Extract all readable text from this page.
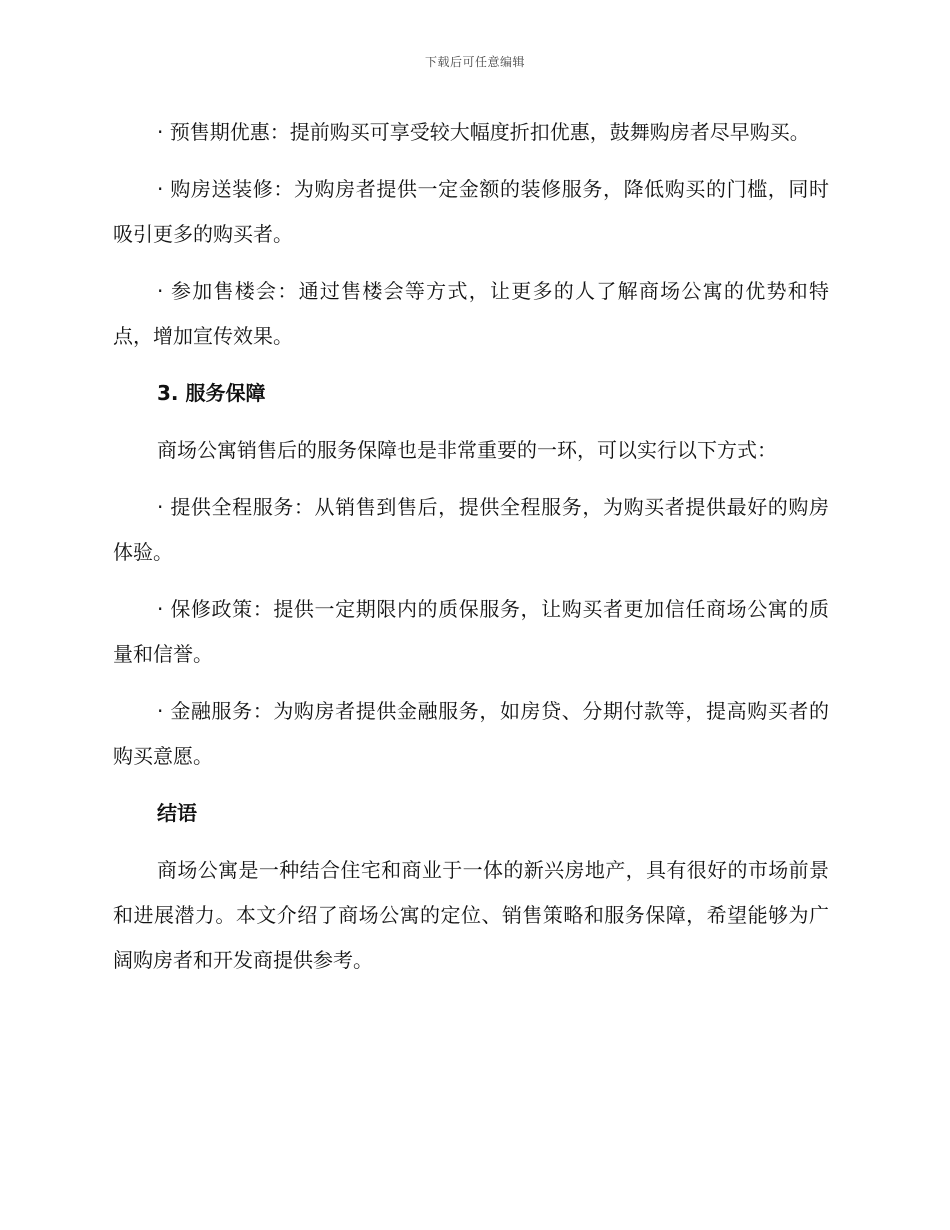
下载后可任意编辑

· 预售期优惠：提前购买可享受较大幅度折扣优惠，鼓舞购房者尽早购买。

· 购房送装修：为购房者提供一定金额的装修服务，降低购买的门槛，同时吸引更多的购买者。

· 参加售楼会：通过售楼会等方式，让更多的人了解商场公寓的优势和特点，增加宣传效果。

3. 服务保障

商场公寓销售后的服务保障也是非常重要的一环，可以实行以下方式：

· 提供全程服务：从销售到售后，提供全程服务，为购买者提供最好的购房体验。

· 保修政策：提供一定期限内的质保服务，让购买者更加信任商场公寓的质量和信誉。

· 金融服务：为购房者提供金融服务，如房贷、分期付款等，提高购买者的购买意愿。

结语

商场公寓是一种结合住宅和商业于一体的新兴房地产，具有很好的市场前景和进展潜力。本文介绍了商场公寓的定位、销售策略和服务保障，希望能够为广阔购房者和开发商提供参考。
